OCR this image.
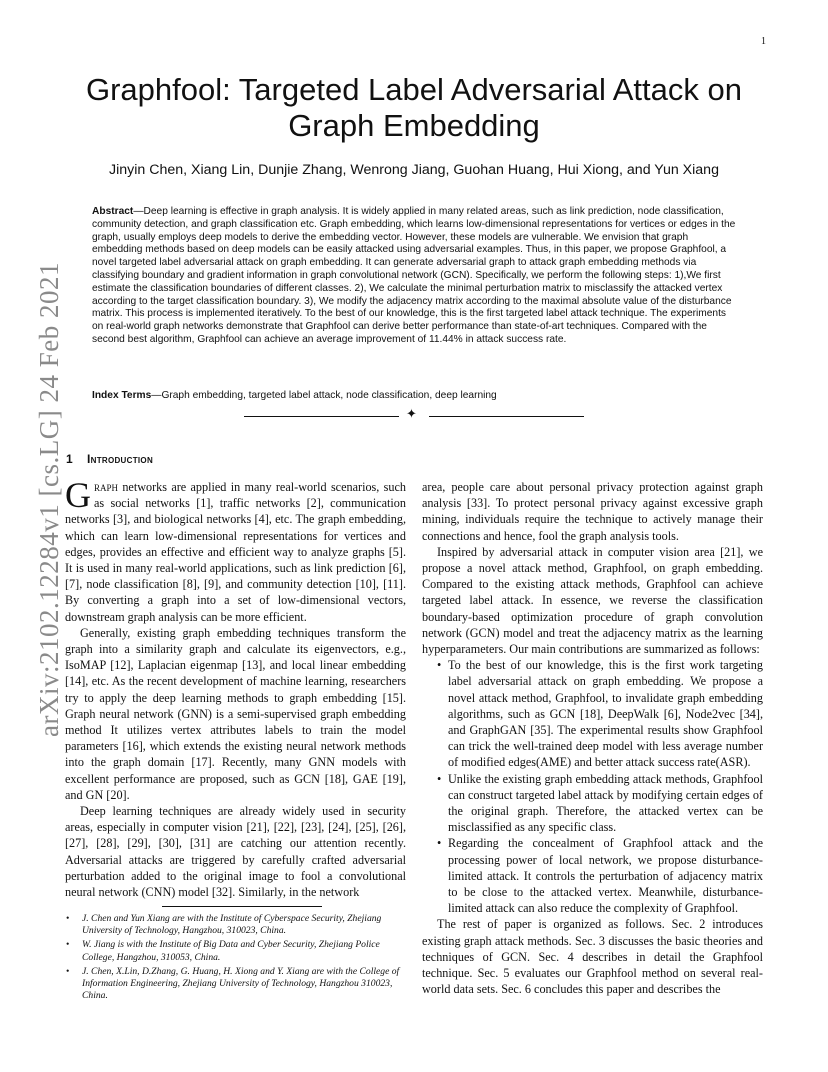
1
arXiv:2102.12284v1 [cs.LG] 24 Feb 2021
Graphfool: Targeted Label Adversarial Attack on Graph Embedding
Jinyin Chen, Xiang Lin, Dunjie Zhang, Wenrong Jiang, Guohan Huang, Hui Xiong, and Yun Xiang
Abstract—Deep learning is effective in graph analysis. It is widely applied in many related areas, such as link prediction, node classification, community detection, and graph classification etc. Graph embedding, which learns low-dimensional representations for vertices or edges in the graph, usually employs deep models to derive the embedding vector. However, these models are vulnerable. We envision that graph embedding methods based on deep models can be easily attacked using adversarial examples. Thus, in this paper, we propose Graphfool, a novel targeted label adversarial attack on graph embedding. It can generate adversarial graph to attack graph embedding methods via classifying boundary and gradient information in graph convolutional network (GCN). Specifically, we perform the following steps: 1),We first estimate the classification boundaries of different classes. 2), We calculate the minimal perturbation matrix to misclassify the attacked vertex according to the target classification boundary. 3), We modify the adjacency matrix according to the maximal absolute value of the disturbance matrix. This process is implemented iteratively. To the best of our knowledge, this is the first targeted label attack technique. The experiments on real-world graph networks demonstrate that Graphfool can derive better performance than state-of-art techniques. Compared with the second best algorithm, Graphfool can achieve an average improvement of 11.44% in attack success rate.
Index Terms—Graph embedding, targeted label attack, node classification, deep learning
✦
1 Introduction

Graph networks are applied in many real-world scenarios, such as social networks [1], traffic networks [2], communication networks [3], and biological networks [4], etc. The graph embedding, which can learn low-dimensional representations for vertices and edges, provides an effective and efficient way to analyze graphs [5]. It is used in many real-world applications, such as link prediction [6], [7], node classification [8], [9], and community detection [10], [11]. By converting a graph into a set of low-dimensional vectors, downstream graph analysis can be more efficient.

Generally, existing graph embedding techniques transform the graph into a similarity graph and calculate its eigenvectors, e.g., IsoMAP [12], Laplacian eigenmap [13], and local linear embedding [14], etc. As the recent development of machine learning, researchers try to apply the deep learning methods to graph embedding [15]. Graph neural network (GNN) is a semi-supervised graph embedding method It utilizes vertex attributes labels to train the model parameters [16], which extends the existing neural network methods into the graph domain [17]. Recently, many GNN models with excellent performance are proposed, such as GCN [18], GAE [19], and GN [20].

Deep learning techniques are already widely used in security areas, especially in computer vision [21], [22], [23], [24], [25], [26], [27], [28], [29], [30], [31] are catching our attention recently. Adversarial attacks are triggered by carefully crafted adversarial perturbation added to the original image to fool a convolutional neural network (CNN) model [32]. Similarly, in the network

• J. Chen and Yun Xiang are with the Institute of Cyberspace Security, Zhejiang University of Technology, Hangzhou, 310023, China.
• W. Jiang is with the Institute of Big Data and Cyber Security, Zhejiang Police College, Hangzhou, 310053, China.
• J. Chen, X.Lin, D.Zhang, G. Huang, H. Xiong and Y. Xiang are with the College of Information Engineering, Zhejiang University of Technology, Hangzhou 310023, China.

area, people care about personal privacy protection against graph analysis [33]. To protect personal privacy against excessive graph mining, individuals require the technique to actively manage their connections and hence, fool the graph analysis tools.

Inspired by adversarial attack in computer vision area [21], we propose a novel attack method, Graphfool, on graph embedding. Compared to the existing attack methods, Graphfool can achieve targeted label attack. In essence, we reverse the classification boundary-based optimization procedure of graph convolution network (GCN) model and treat the adjacency matrix as the learning hyperparameters. Our main contributions are summarized as follows:

• To the best of our knowledge, this is the first work targeting label adversarial attack on graph embedding. We propose a novel attack method, Graphfool, to invalidate graph embedding algorithms, such as GCN [18], DeepWalk [6], Node2vec [34], and GraphGAN [35]. The experimental results show Graphfool can trick the well-trained deep model with less average number of modified edges(AME) and better attack success rate(ASR).
• Unlike the existing graph embedding attack methods, Graphfool can construct targeted label attack by modifying certain edges of the original graph. Therefore, the attacked vertex can be misclassified as any specific class.
• Regarding the concealment of Graphfool attack and the processing power of local network, we propose disturbance-limited attack. It controls the perturbation of adjacency matrix to be close to the attacked vertex. Meanwhile, disturbance-limited attack can also reduce the complexity of Graphfool.

The rest of paper is organized as follows. Sec. 2 introduces existing graph attack methods. Sec. 3 discusses the basic theories and techniques of GCN. Sec. 4 describes in detail the Graphfool technique. Sec. 5 evaluates our Graphfool method on several real-world data sets. Sec. 6 concludes this paper and describes the
